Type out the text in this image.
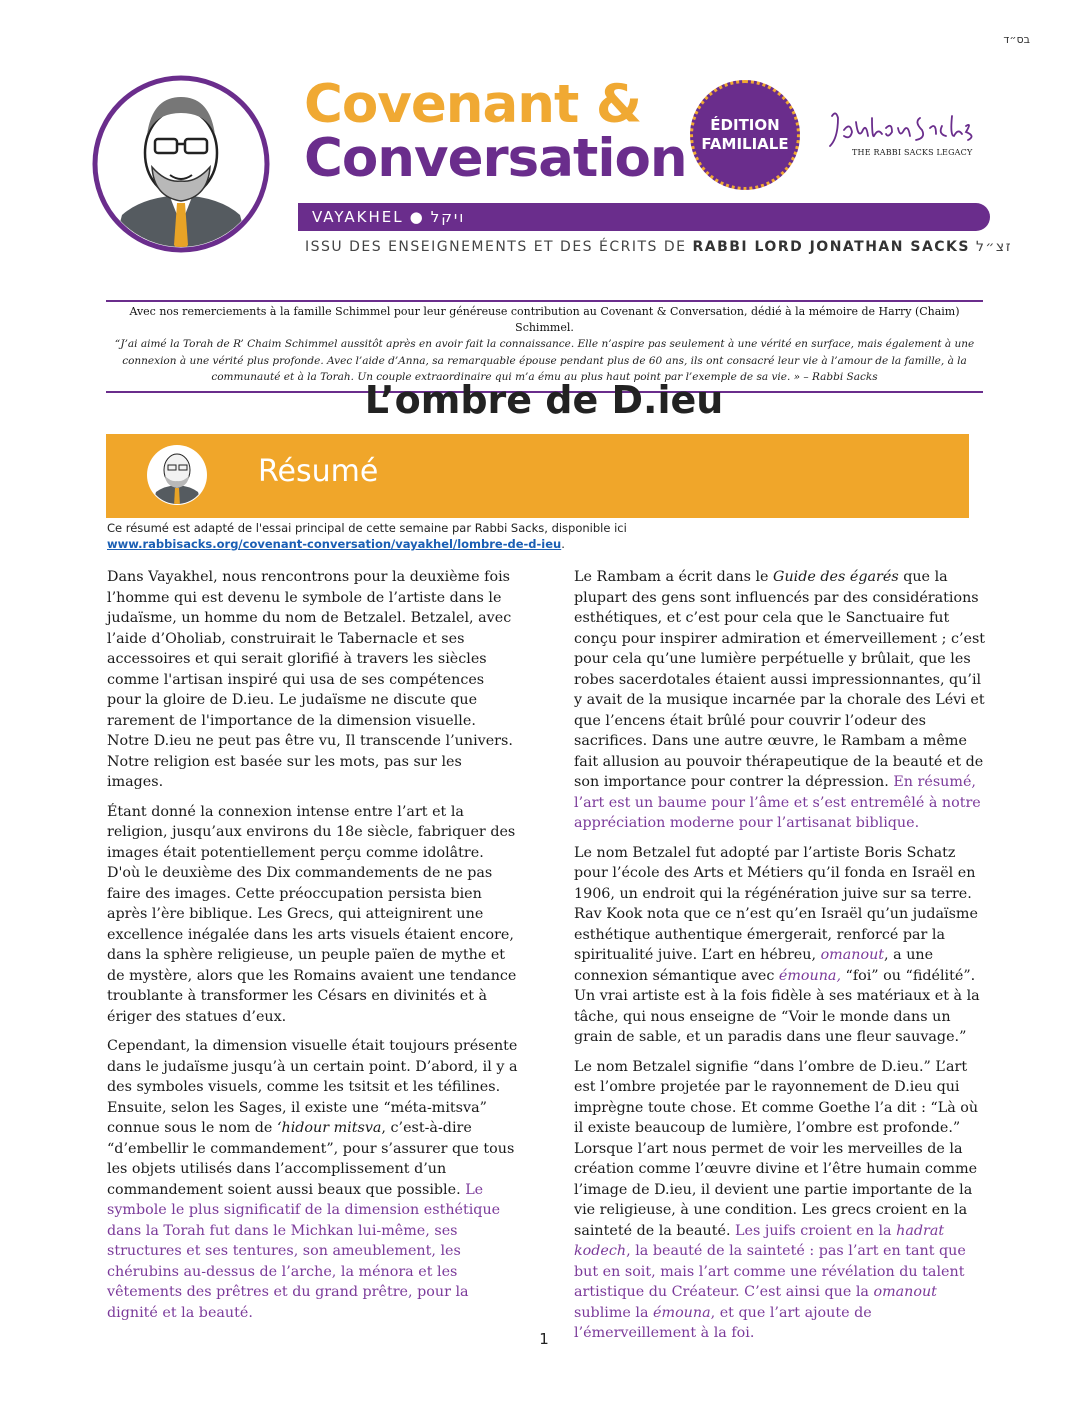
בס״ד
Covenant &
Conversation
ÉDITION
FAMILIALE	THE RABBI SACKS LEGACY
VAYAKHEL ● ויקל
ISSU DES ENSEIGNEMENTS ET DES ÉCRITS DE RABBI LORD JONATHAN SACKS זצ״ל
Avec nos remerciements à la famille Schimmel pour leur généreuse contribution au Covenant & Conversation, dédié à la mémoire de Harry (Chaim) Schimmel.
“J’ai aimé la Torah de R’ Chaim Schimmel aussitôt après en avoir fait la connaissance. Elle n’aspire pas seulement à une vérité en surface, mais également à une connexion à une vérité plus profonde. Avec l’aide d’Anna, sa remarquable épouse pendant plus de 60 ans, ils ont consacré leur vie à l’amour de la famille, à la communauté et à la Torah. Un couple extraordinaire qui m’a ému au plus haut point par l’exemple de sa vie. » – Rabbi Sacks
L’ombre de D.ieu
Résumé
Ce résumé est adapté de l'essai principal de cette semaine par Rabbi Sacks, disponible ici www.rabbisacks.org/covenant-conversation/vayakhel/lombre-de-d-ieu.

Dans Vayakhel, nous rencontrons pour la deuxième fois l’homme qui est devenu le symbole de l’artiste dans le judaïsme, un homme du nom de Betzalel. Betzalel, avec l’aide d’Oholiab, construirait le Tabernacle et ses accessoires et qui serait glorifié à travers les siècles comme l'artisan inspiré qui usa de ses compétences pour la gloire de D.ieu. Le judaïsme ne discute que rarement de l'importance de la dimension visuelle. Notre D.ieu ne peut pas être vu, Il transcende l’univers. Notre religion est basée sur les mots, pas sur les images.

Étant donné la connexion intense entre l’art et la religion, jusqu’aux environs du 18e siècle, fabriquer des images était potentiellement perçu comme idolâtre. D'où le deuxième des Dix commandements de ne pas faire des images. Cette préoccupation persista bien après l’ère biblique. Les Grecs, qui atteignirent une excellence inégalée dans les arts visuels étaient encore, dans la sphère religieuse, un peuple païen de mythe et de mystère, alors que les Romains avaient une tendance troublante à transformer les Césars en divinités et à ériger des statues d’eux.

Cependant, la dimension visuelle était toujours présente dans le judaïsme jusqu’à un certain point. D’abord, il y a des symboles visuels, comme les tsitsit et les téfilines. Ensuite, selon les Sages, il existe une “méta-mitsva” connue sous le nom de ‘hidour mitsva, c’est-à-dire “d’embellir le commandement”, pour s’assurer que tous les objets utilisés dans l’accomplissement d’un commandement soient aussi beaux que possible. Le symbole le plus significatif de la dimension esthétique dans la Torah fut dans le Michkan lui-même, ses structures et ses tentures, son ameublement, les chérubins au-dessus de l’arche, la ménora et les vêtements des prêtres et du grand prêtre, pour la dignité et la beauté.

Le Rambam a écrit dans le Guide des égarés que la plupart des gens sont influencés par des considérations esthétiques, et c’est pour cela que le Sanctuaire fut conçu pour inspirer admiration et émerveillement ; c’est pour cela qu’une lumière perpétuelle y brûlait, que les robes sacerdotales étaient aussi impressionnantes, qu’il y avait de la musique incarnée par la chorale des Lévi et que l’encens était brûlé pour couvrir l’odeur des sacrifices. Dans une autre œuvre, le Rambam a même fait allusion au pouvoir thérapeutique de la beauté et de son importance pour contrer la dépression. En résumé, l’art est un baume pour l’âme et s’est entremêlé à notre appréciation moderne pour l’artisanat biblique.

Le nom Betzalel fut adopté par l’artiste Boris Schatz pour l’école des Arts et Métiers qu’il fonda en Israël en 1906, un endroit qui la régénération juive sur sa terre. Rav Kook nota que ce n’est qu’en Israël qu’un judaïsme esthétique authentique émergerait, renforcé par la spiritualité juive. L’art en hébreu, omanout, a une connexion sémantique avec émouna, “foi” ou “fidélité”. Un vrai artiste est à la fois fidèle à ses matériaux et à la tâche, qui nous enseigne de “Voir le monde dans un grain de sable, et un paradis dans une fleur sauvage.”

Le nom Betzalel signifie “dans l’ombre de D.ieu.” L’art est l’ombre projetée par le rayonnement de D.ieu qui imprègne toute chose. Et comme Goethe l’a dit : “Là où il existe beaucoup de lumière, l’ombre est profonde.” Lorsque l’art nous permet de voir les merveilles de la création comme l’œuvre divine et l’être humain comme l’image de D.ieu, il devient une partie importante de la vie religieuse, à une condition. Les grecs croient en la sainteté de la beauté. Les juifs croient en la hadrat kodech, la beauté de la sainteté : pas l’art en tant que but en soit, mais l’art comme une révélation du talent artistique du Créateur. C’est ainsi que la omanout sublime la émouna, et que l’art ajoute de l’émerveillement à la foi.

1
